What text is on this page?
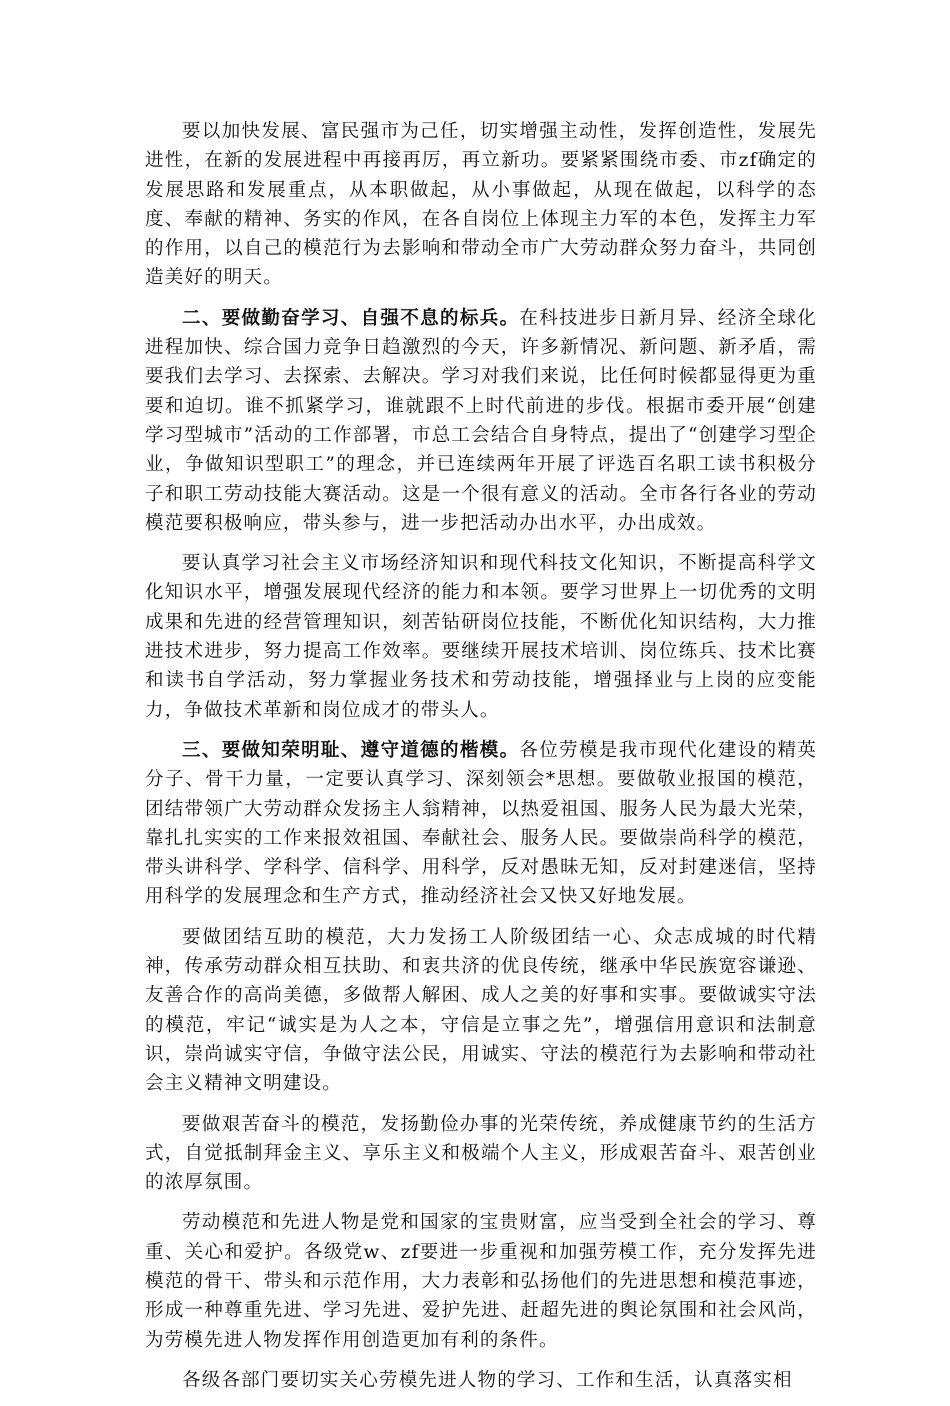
要以加快发展、富民强市为己任，切实增强主动性，发挥创造性，发展先进性，在新的发展进程中再接再厉，再立新功。要紧紧围绕市委、市zf确定的发展思路和发展重点，从本职做起，从小事做起，从现在做起，以科学的态度、奉献的精神、务实的作风，在各自岗位上体现主力军的本色，发挥主力军的作用，以自己的模范行为去影响和带动全市广大劳动群众努力奋斗，共同创造美好的明天。

二、要做勤奋学习、自强不息的标兵。在科技进步日新月异、经济全球化进程加快、综合国力竞争日趋激烈的今天，许多新情况、新问题、新矛盾，需要我们去学习、去探索、去解决。学习对我们来说，比任何时候都显得更为重要和迫切。谁不抓紧学习，谁就跟不上时代前进的步伐。根据市委开展“创建学习型城市”活动的工作部署，市总工会结合自身特点，提出了“创建学习型企业，争做知识型职工”的理念，并已连续两年开展了评选百名职工读书积极分子和职工劳动技能大赛活动。这是一个很有意义的活动。全市各行各业的劳动模范要积极响应，带头参与，进一步把活动办出水平，办出成效。

要认真学习社会主义市场经济知识和现代科技文化知识，不断提高科学文化知识水平，增强发展现代经济的能力和本领。要学习世界上一切优秀的文明成果和先进的经营管理知识，刻苦钻研岗位技能，不断优化知识结构，大力推进技术进步，努力提高工作效率。要继续开展技术培训、岗位练兵、技术比赛和读书自学活动，努力掌握业务技术和劳动技能，增强择业与上岗的应变能力，争做技术革新和岗位成才的带头人。

三、要做知荣明耻、遵守道德的楷模。各位劳模是我市现代化建设的精英分子、骨干力量，一定要认真学习、深刻领会*思想。要做敬业报国的模范，团结带领广大劳动群众发扬主人翁精神，以热爱祖国、服务人民为最大光荣，靠扎扎实实的工作来报效祖国、奉献社会、服务人民。要做崇尚科学的模范，带头讲科学、学科学、信科学、用科学，反对愚昧无知，反对封建迷信，坚持用科学的发展理念和生产方式，推动经济社会又快又好地发展。

要做团结互助的模范，大力发扬工人阶级团结一心、众志成城的时代精神，传承劳动群众相互扶助、和衷共济的优良传统，继承中华民族宽容谦逊、友善合作的高尚美德，多做帮人解困、成人之美的好事和实事。要做诚实守法的模范，牢记“诚实是为人之本，守信是立事之先”，增强信用意识和法制意识，崇尚诚实守信，争做守法公民，用诚实、守法的模范行为去影响和带动社会主义精神文明建设。

要做艰苦奋斗的模范，发扬勤俭办事的光荣传统，养成健康节约的生活方式，自觉抵制拜金主义、享乐主义和极端个人主义，形成艰苦奋斗、艰苦创业的浓厚氛围。

劳动模范和先进人物是党和国家的宝贵财富，应当受到全社会的学习、尊重、关心和爱护。各级党w、zf要进一步重视和加强劳模工作，充分发挥先进模范的骨干、带头和示范作用，大力表彰和弘扬他们的先进思想和模范事迹，形成一种尊重先进、学习先进、爱护先进、赶超先进的舆论氛围和社会风尚，为劳模先进人物发挥作用创造更加有利的条件。

各级各部门要切实关心劳模先进人物的学习、工作和生活，认真落实相
